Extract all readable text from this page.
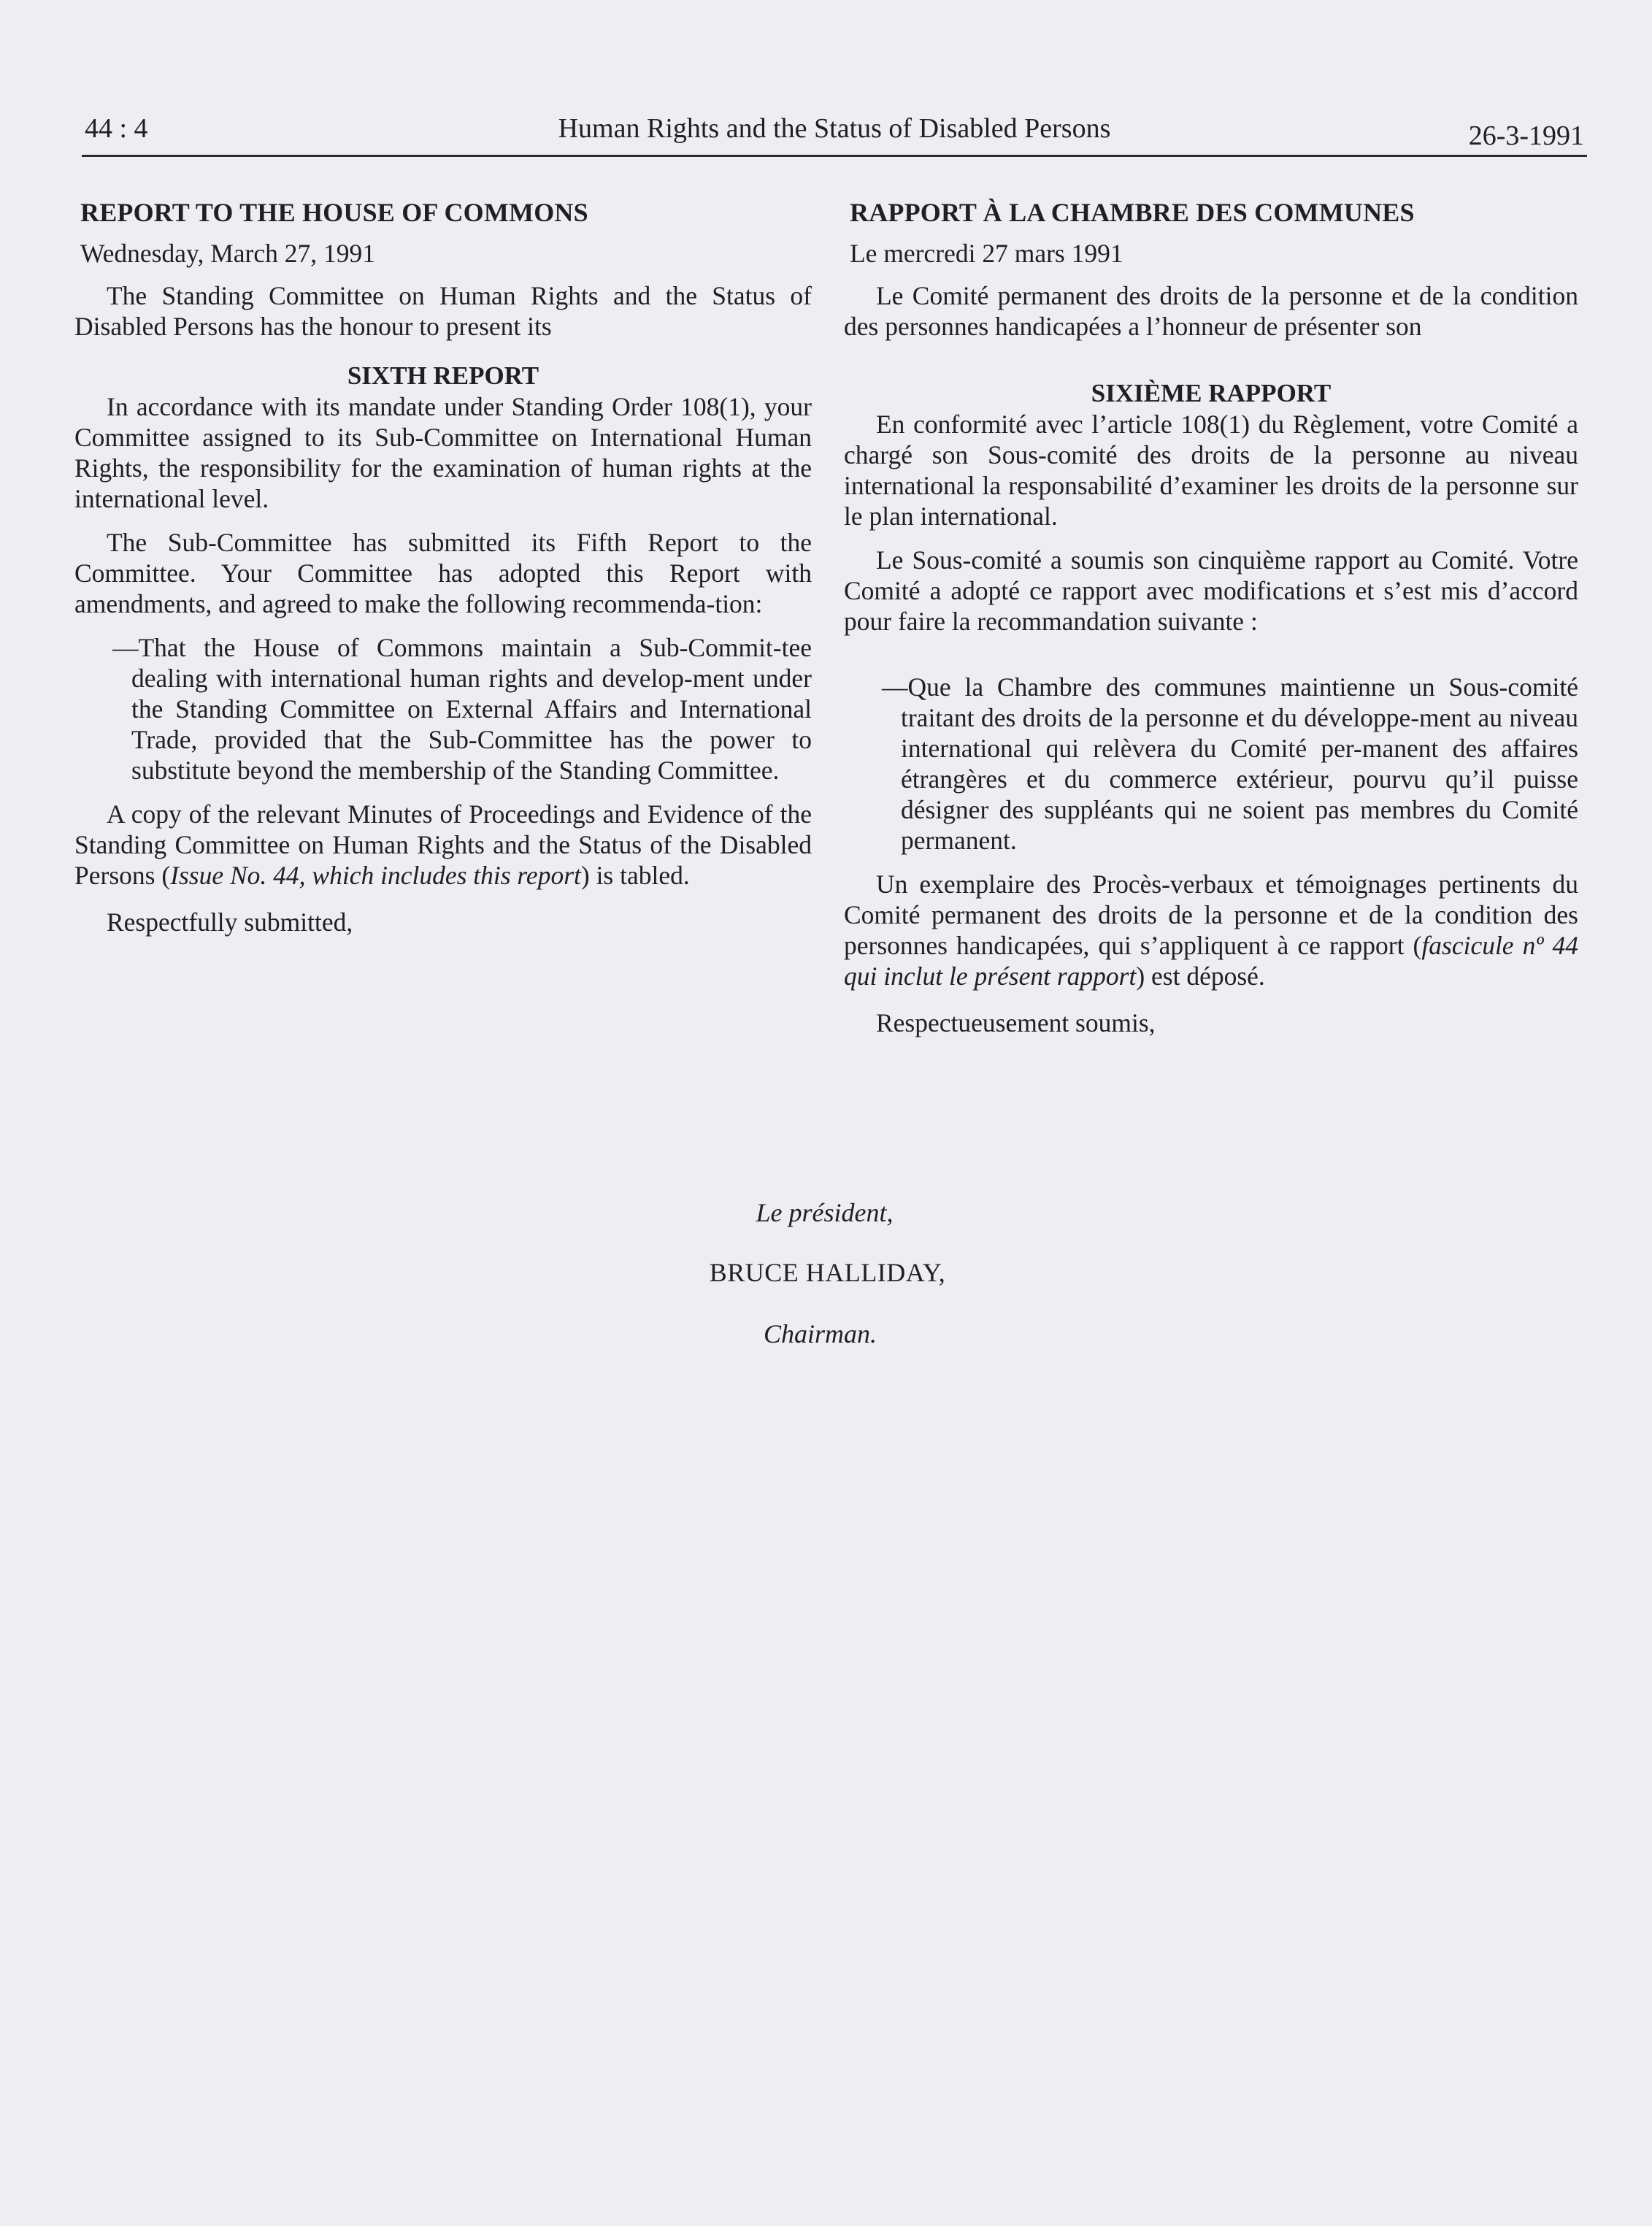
44 : 4	Human Rights and the Status of Disabled Persons	26-3-1991
REPORT TO THE HOUSE OF COMMONS
Wednesday, March 27, 1991

The Standing Committee on Human Rights and the Status of Disabled Persons has the honour to present its

SIXTH REPORT

In accordance with its mandate under Standing Order 108(1), your Committee assigned to its Sub-Committee on International Human Rights, the responsibility for the examination of human rights at the international level.

The Sub-Committee has submitted its Fifth Report to the Committee. Your Committee has adopted this Report with amendments, and agreed to make the following recommenda-tion:

—That the House of Commons maintain a Sub-Commit-tee dealing with international human rights and develop-ment under the Standing Committee on External Affairs and International Trade, provided that the Sub-Committee has the power to substitute beyond the membership of the Standing Committee.

A copy of the relevant Minutes of Proceedings and Evidence of the Standing Committee on Human Rights and the Status of the Disabled Persons (Issue No. 44, which includes this report) is tabled.

Respectfully submitted,

RAPPORT À LA CHAMBRE DES COMMUNES
Le mercredi 27 mars 1991

Le Comité permanent des droits de la personne et de la condition des personnes handicapées a l’honneur de présenter son

SIXIÈME RAPPORT

En conformité avec l’article 108(1) du Règlement, votre Comité a chargé son Sous-comité des droits de la personne au niveau international la responsabilité d’examiner les droits de la personne sur le plan international.

Le Sous-comité a soumis son cinquième rapport au Comité. Votre Comité a adopté ce rapport avec modifications et s’est mis d’accord pour faire la recommandation suivante :

—Que la Chambre des communes maintienne un Sous-comité traitant des droits de la personne et du développe-ment au niveau international qui relèvera du Comité per-manent des affaires étrangères et du commerce extérieur, pourvu qu’il puisse désigner des suppléants qui ne soient pas membres du Comité permanent.

Un exemplaire des Procès-verbaux et témoignages pertinents du Comité permanent des droits de la personne et de la condition des personnes handicapées, qui s’appliquent à ce rapport (fascicule nº 44 qui inclut le présent rapport) est déposé.

Respectueusement soumis,

Le président,
BRUCE HALLIDAY,
Chairman.
